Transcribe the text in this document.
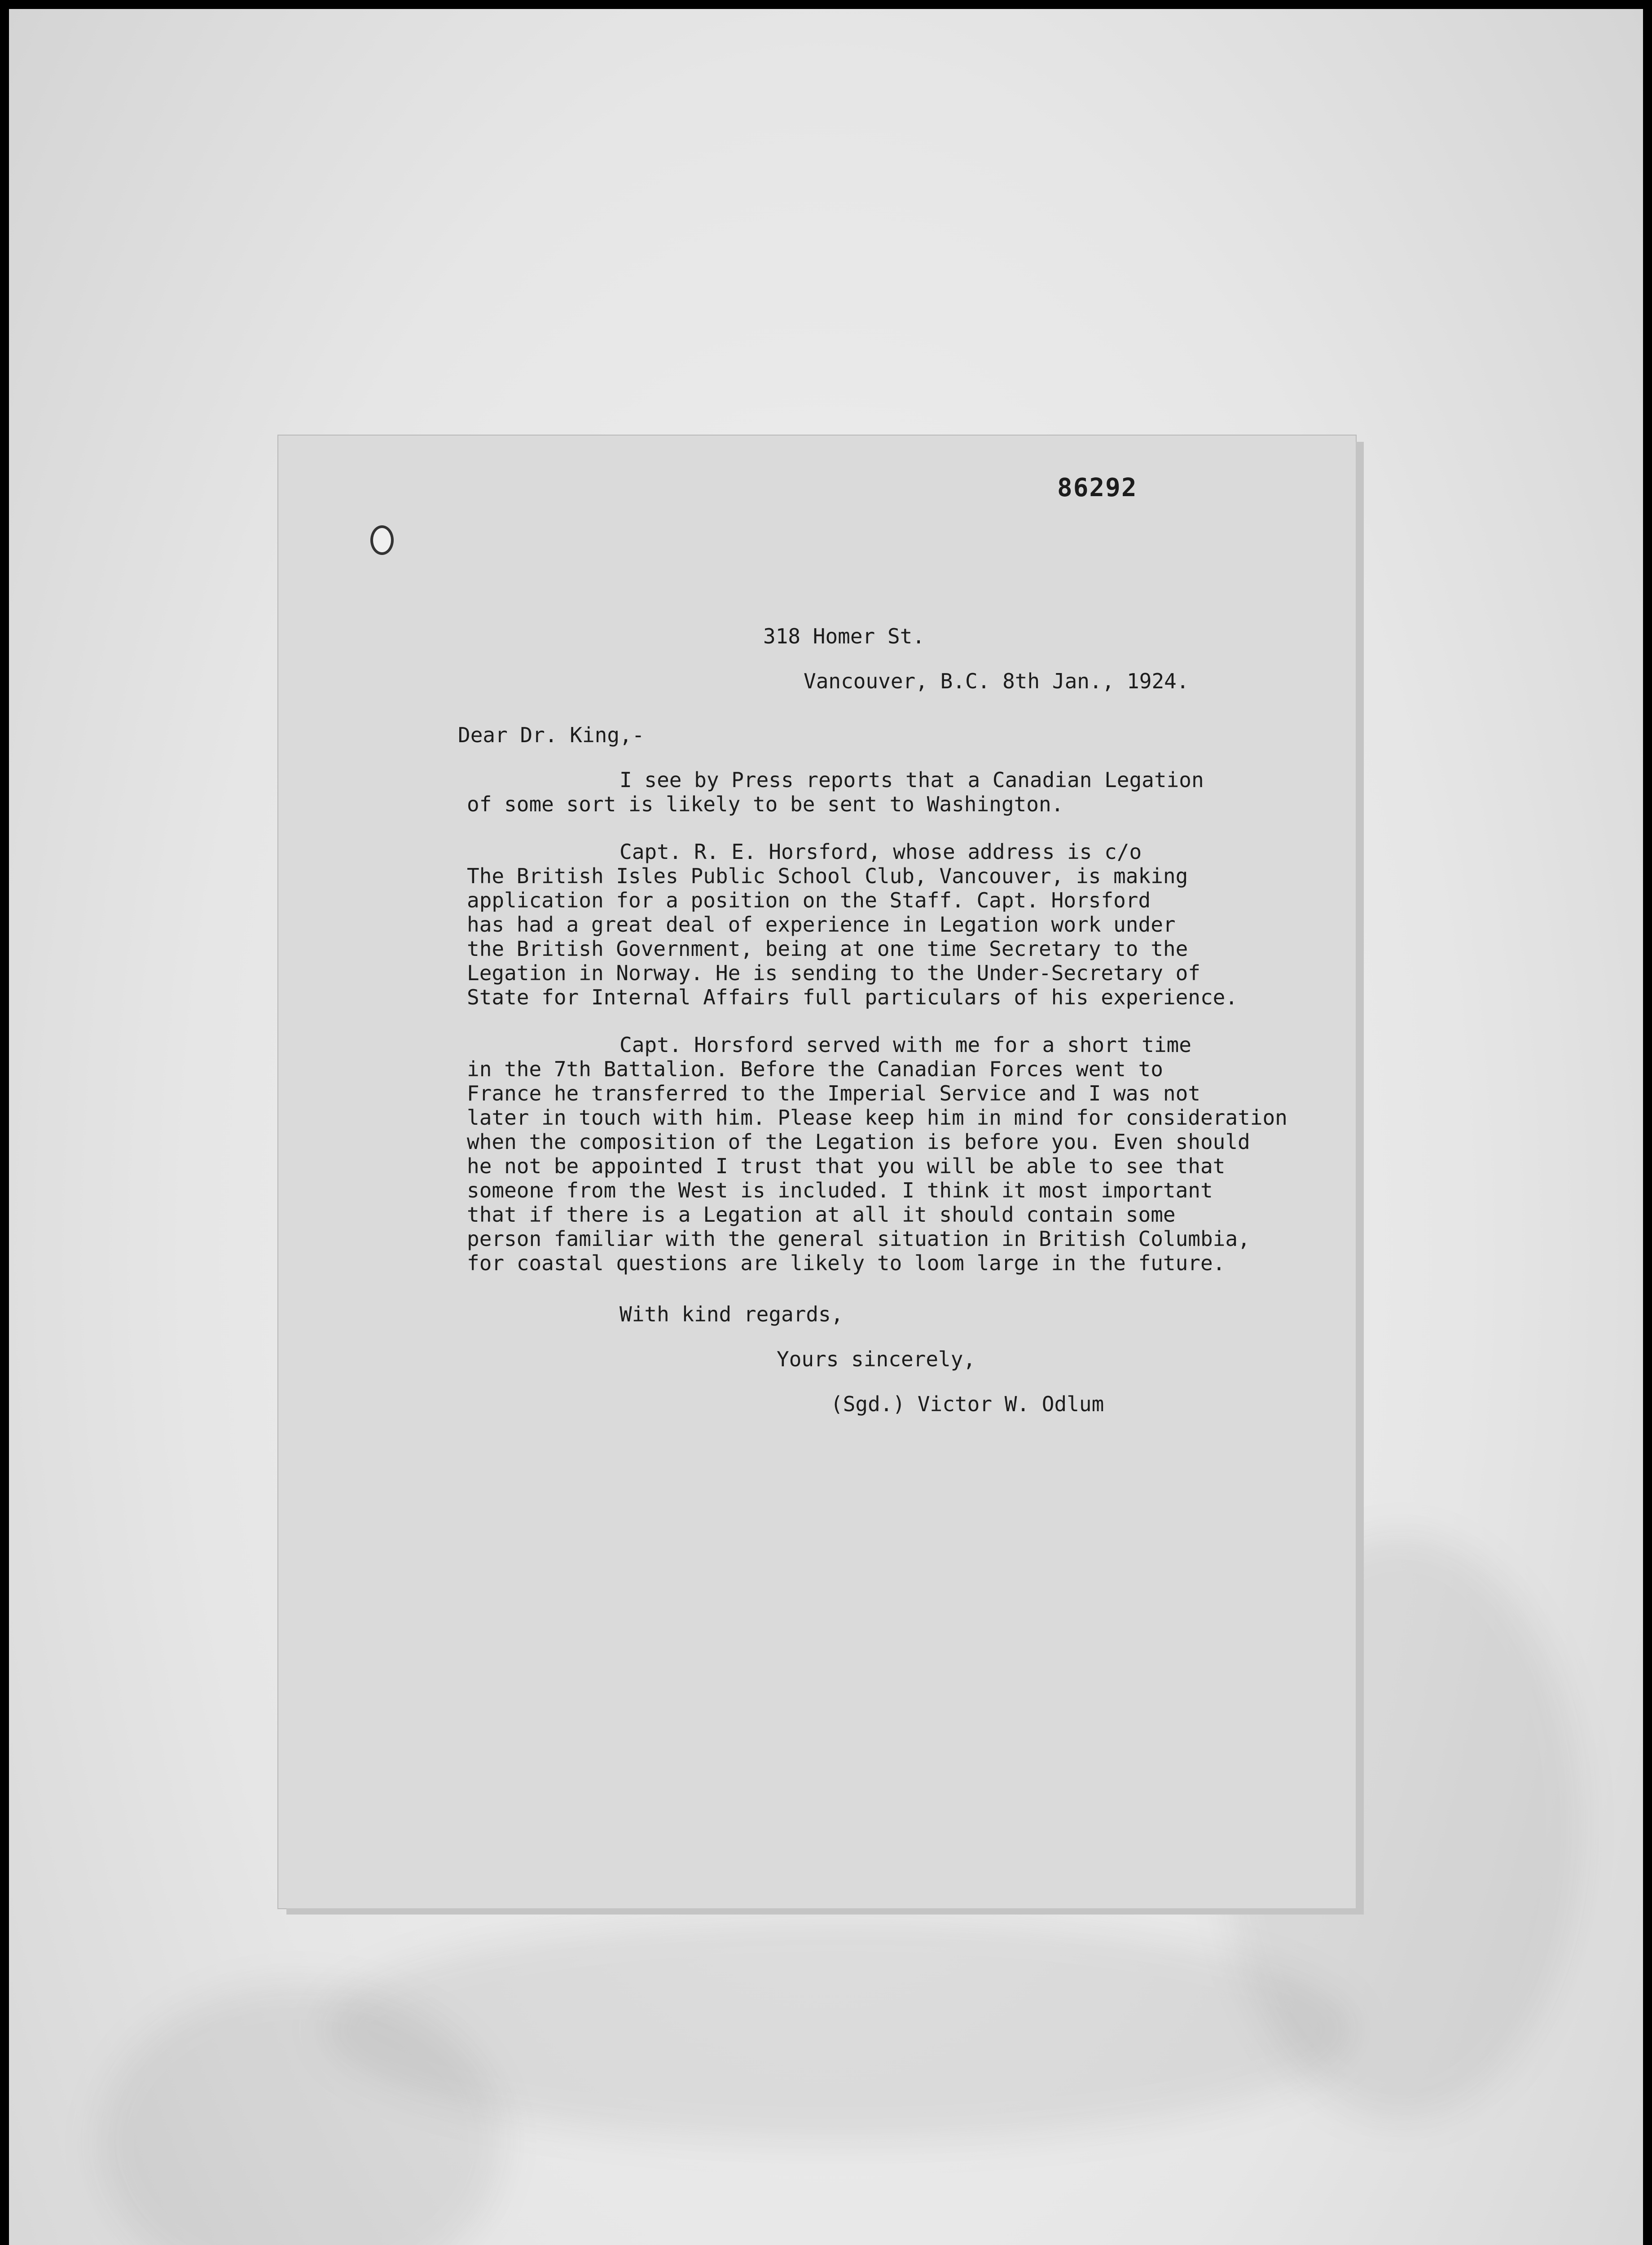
86292
318 Homer St.
Vancouver, B.C. 8th Jan., 1924.
Dear Dr. King,-
I see by Press reports that a Canadian Legation
of some sort is likely to be sent to Washington.
Capt. R. E. Horsford, whose address is c/o
The British Isles Public School Club, Vancouver, is making
application for a position on the Staff. Capt. Horsford
has had a great deal of experience in Legation work under
the British Government, being at one time Secretary to the
Legation in Norway. He is sending to the Under-Secretary of
State for Internal Affairs full particulars of his experience.
Capt. Horsford served with me for a short time
in the 7th Battalion. Before the Canadian Forces went to
France he transferred to the Imperial Service and I was not
later in touch with him. Please keep him in mind for consideration
when the composition of the Legation is before you. Even should
he not be appointed I trust that you will be able to see that
someone from the West is included. I think it most important
that if there is a Legation at all it should contain some
person familiar with the general situation in British Columbia,
for coastal questions are likely to loom large in the future.
With kind regards,
Yours sincerely,
(Sgd.) Victor W. Odlum
